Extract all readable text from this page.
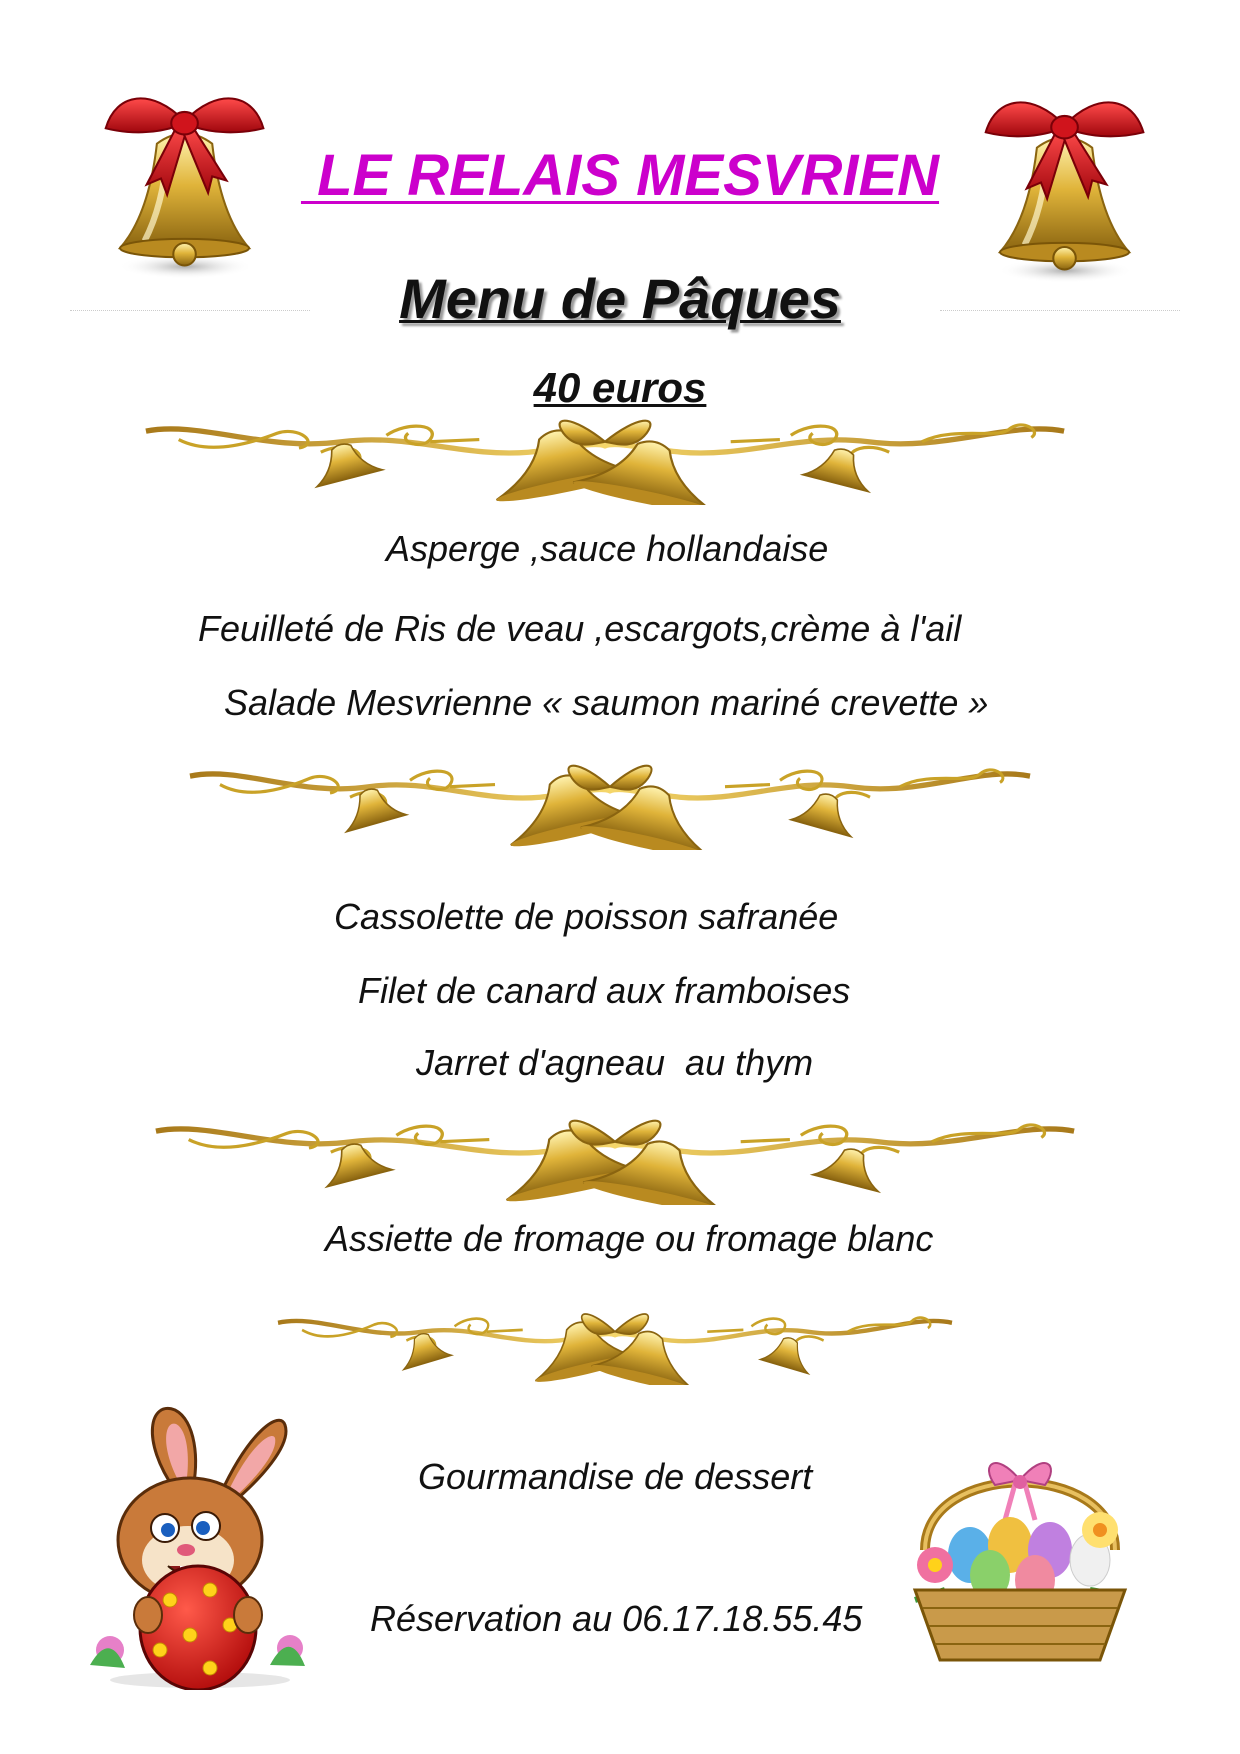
LE RELAIS MESVRIEN
Menu de Pâques
40 euros
Asperge ,sauce hollandaise
Feuilleté de Ris de veau ,escargots,crème à l'ail
Salade Mesvrienne « saumon mariné crevette »
Cassolette de poisson safranée
Filet de canard aux framboises
Jarret d'agneau  au thym
Assiette de fromage ou fromage blanc
Gourmandise de dessert
Réservation au 06.17.18.55.45
